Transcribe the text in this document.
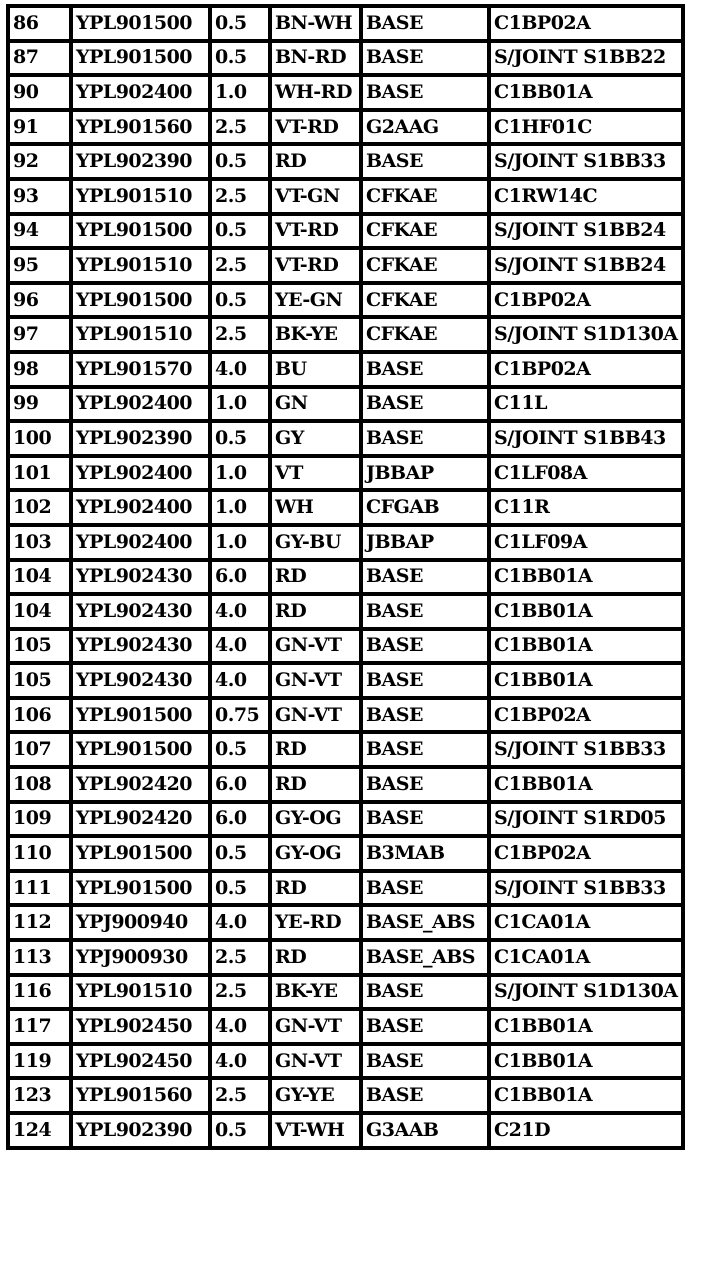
86	YPL901500	0.5	BN-WH	BASE	C1BP02A
87	YPL901500	0.5	BN-RD	BASE	S/JOINT S1BB22
90	YPL902400	1.0	WH-RD	BASE	C1BB01A
91	YPL901560	2.5	VT-RD	G2AAG	C1HF01C
92	YPL902390	0.5	RD	BASE	S/JOINT S1BB33
93	YPL901510	2.5	VT-GN	CFKAE	C1RW14C
94	YPL901500	0.5	VT-RD	CFKAE	S/JOINT S1BB24
95	YPL901510	2.5	VT-RD	CFKAE	S/JOINT S1BB24
96	YPL901500	0.5	YE-GN	CFKAE	C1BP02A
97	YPL901510	2.5	BK-YE	CFKAE	S/JOINT S1D130A
98	YPL901570	4.0	BU	BASE	C1BP02A
99	YPL902400	1.0	GN	BASE	C11L
100	YPL902390	0.5	GY	BASE	S/JOINT S1BB43
101	YPL902400	1.0	VT	JBBAP	C1LF08A
102	YPL902400	1.0	WH	CFGAB	C11R
103	YPL902400	1.0	GY-BU	JBBAP	C1LF09A
104	YPL902430	6.0	RD	BASE	C1BB01A
104	YPL902430	4.0	RD	BASE	C1BB01A
105	YPL902430	4.0	GN-VT	BASE	C1BB01A
105	YPL902430	4.0	GN-VT	BASE	C1BB01A
106	YPL901500	0.75	GN-VT	BASE	C1BP02A
107	YPL901500	0.5	RD	BASE	S/JOINT S1BB33
108	YPL902420	6.0	RD	BASE	C1BB01A
109	YPL902420	6.0	GY-OG	BASE	S/JOINT S1RD05
110	YPL901500	0.5	GY-OG	B3MAB	C1BP02A
111	YPL901500	0.5	RD	BASE	S/JOINT S1BB33
112	YPJ900940	4.0	YE-RD	BASE_ABS	C1CA01A
113	YPJ900930	2.5	RD	BASE_ABS	C1CA01A
116	YPL901510	2.5	BK-YE	BASE	S/JOINT S1D130A
117	YPL902450	4.0	GN-VT	BASE	C1BB01A
119	YPL902450	4.0	GN-VT	BASE	C1BB01A
123	YPL901560	2.5	GY-YE	BASE	C1BB01A
124	YPL902390	0.5	VT-WH	G3AAB	C21D
